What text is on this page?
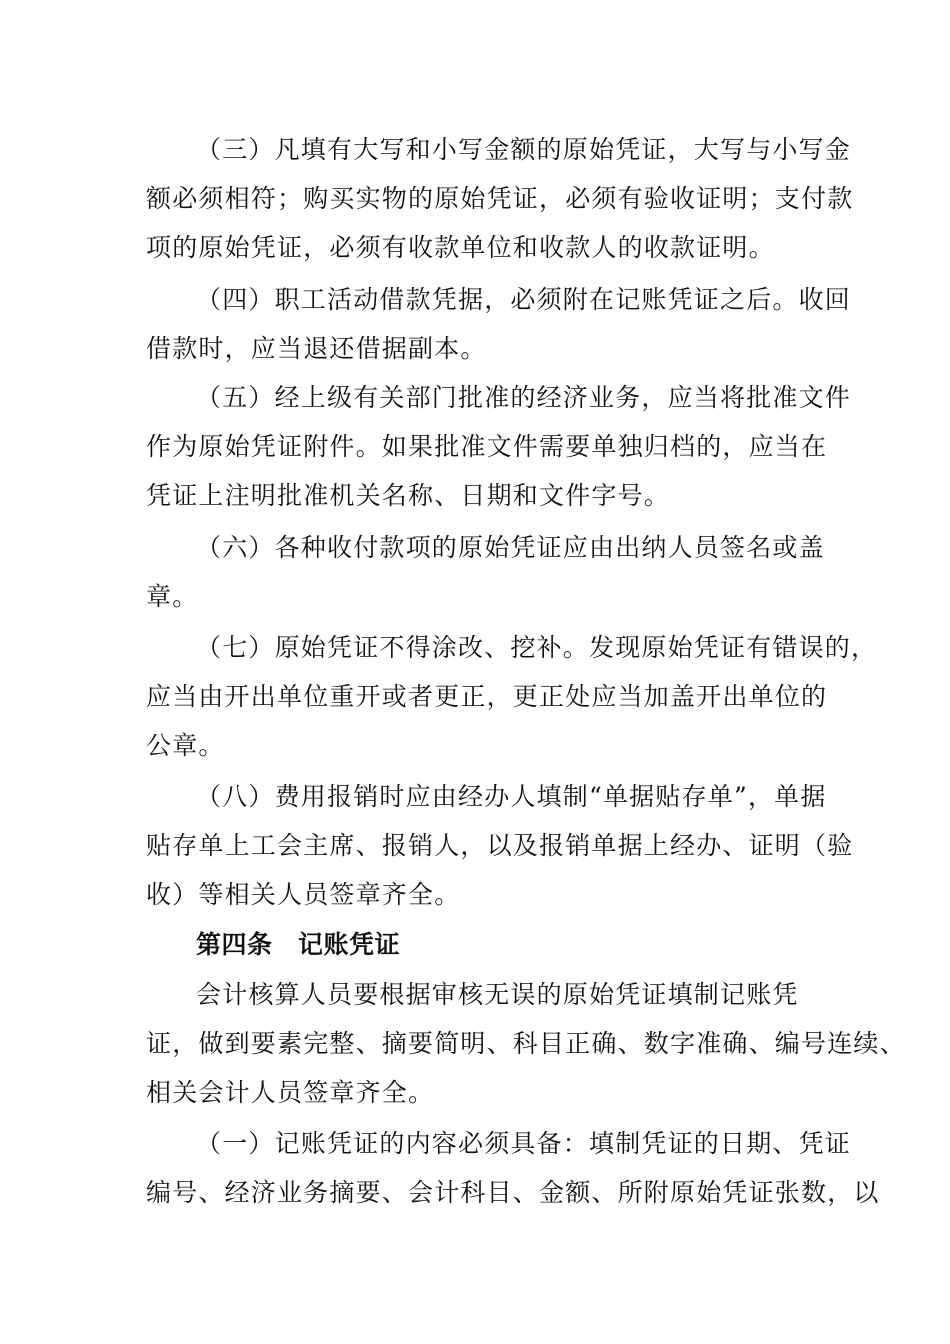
（三）凡填有大写和小写金额的原始凭证，大写与小写金
额必须相符；购买实物的原始凭证，必须有验收证明；支付款
项的原始凭证，必须有收款单位和收款人的收款证明。
（四）职工活动借款凭据，必须附在记账凭证之后。收回
借款时，应当退还借据副本。
（五）经上级有关部门批准的经济业务，应当将批准文件
作为原始凭证附件。如果批准文件需要单独归档的，应当在
凭证上注明批准机关名称、日期和文件字号。
（六）各种收付款项的原始凭证应由出纳人员签名或盖
章。
（七）原始凭证不得涂改、挖补。发现原始凭证有错误的，
应当由开出单位重开或者更正，更正处应当加盖开出单位的
公章。
（八）费用报销时应由经办人填制“单据贴存单”，单据
贴存单上工会主席、报销人，以及报销单据上经办、证明（验
收）等相关人员签章齐全。
第四条　记账凭证
会计核算人员要根据审核无误的原始凭证填制记账凭
证，做到要素完整、摘要简明、科目正确、数字准确、编号连续、
相关会计人员签章齐全。
（一）记账凭证的内容必须具备：填制凭证的日期、凭证
编号、经济业务摘要、会计科目、金额、所附原始凭证张数，以
